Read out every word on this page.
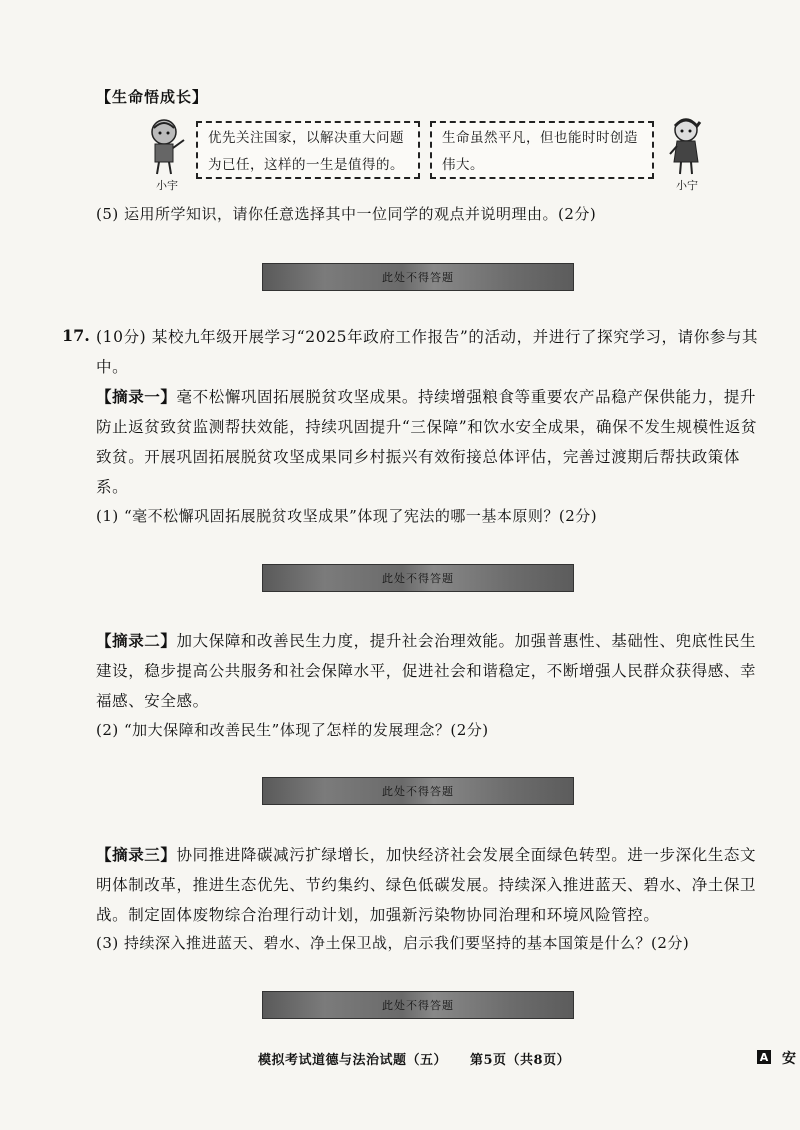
【生命悟成长】
小宇
优先关注国家，以解决重大问题为已任，这样的一生是值得的。
生命虽然平凡，但也能时时创造伟大。
小宁
(5) 运用所学知识，请你任意选择其中一位同学的观点并说明理由。(2分)
此处不得答题
17. (10分) 某校九年级开展学习“2025年政府工作报告”的活动，并进行了探究学习，请你参与其中。
【摘录一】毫不松懈巩固拓展脱贫攻坚成果。持续增强粮食等重要农产品稳产保供能力，提升防止返贫致贫监测帮扶效能，持续巩固提升“三保障”和饮水安全成果，确保不发生规模性返贫致贫。开展巩固拓展脱贫攻坚成果同乡村振兴有效衔接总体评估，完善过渡期后帮扶政策体系。
(1) “毫不松懈巩固拓展脱贫攻坚成果”体现了宪法的哪一基本原则？(2分)
此处不得答题
【摘录二】加大保障和改善民生力度，提升社会治理效能。加强普惠性、基础性、兜底性民生建设，稳步提高公共服务和社会保障水平，促进社会和谐稳定，不断增强人民群众获得感、幸福感、安全感。
(2) “加大保障和改善民生”体现了怎样的发展理念？(2分)
此处不得答题
【摘录三】协同推进降碳减污扩绿增长，加快经济社会发展全面绿色转型。进一步深化生态文明体制改革，推进生态优先、节约集约、绿色低碳发展。持续深入推进蓝天、碧水、净土保卫战。制定固体废物综合治理行动计划，加强新污染物协同治理和环境风险管控。
(3) 持续深入推进蓝天、碧水、净土保卫战，启示我们要坚持的基本国策是什么？(2分)
此处不得答题
模拟考试道德与法治试题（五） 第5页（共8页）	A 安
